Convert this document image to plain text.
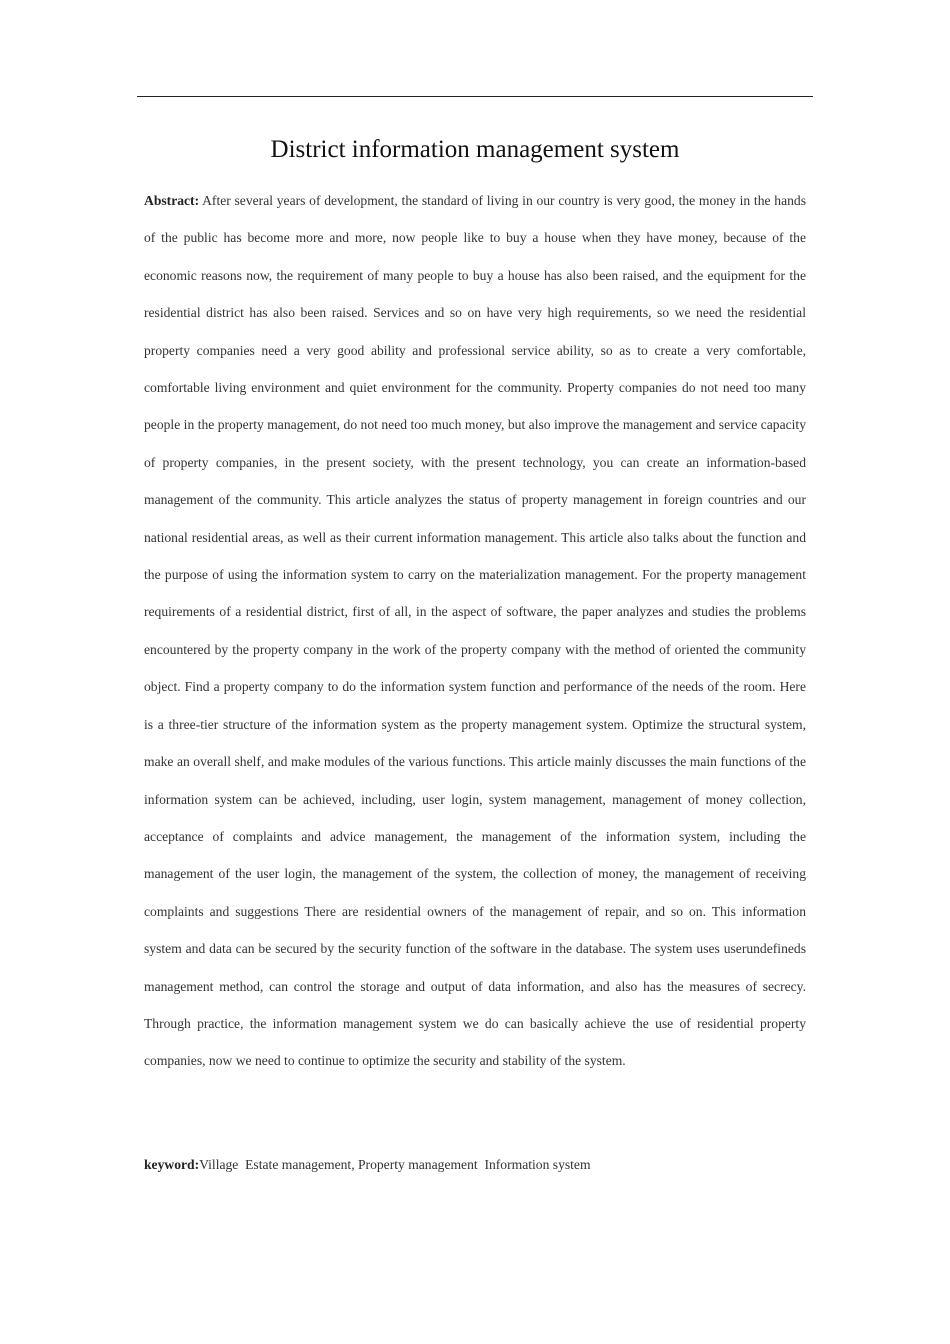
District information management system

Abstract: After several years of development, the standard of living in our country is very good, the money in the hands of the public has become more and more, now people like to buy a house when they have money, because of the economic reasons now, the requirement of many people to buy a house has also been raised, and the equipment for the residential district has also been raised. Services and so on have very high requirements, so we need the residential property companies need a very good ability and professional service ability, so as to create a very comfortable, comfortable living environment and quiet environment for the community. Property companies do not need too many people in the property management, do not need too much money, but also improve the management and service capacity of property companies, in the present society, with the present technology, you can create an information-based management of the community. This article analyzes the status of property management in foreign countries and our national residential areas, as well as their current information management. This article also talks about the function and the purpose of using the information system to carry on the materialization management. For the property management requirements of a residential district, first of all, in the aspect of software, the paper analyzes and studies the problems encountered by the property company in the work of the property company with the method of oriented the community object. Find a property company to do the information system function and performance of the needs of the room. Here is a three-tier structure of the information system as the property management system. Optimize the structural system, make an overall shelf, and make modules of the various functions. This article mainly discusses the main functions of the information system can be achieved, including, user login, system management, management of money collection, acceptance of complaints and advice management, the management of the information system, including the management of the user login, the management of the system, the collection of money, the management of receiving complaints and suggestions There are residential owners of the management of repair, and so on. This information system and data can be secured by the security function of the software in the database. The system uses userundefineds management method, can control the storage and output of data information, and also has the measures of secrecy. Through practice, the information management system we do can basically achieve the use of residential property companies, now we need to continue to optimize the security and stability of the system.

keyword:Village  Estate management, Property management  Information system
